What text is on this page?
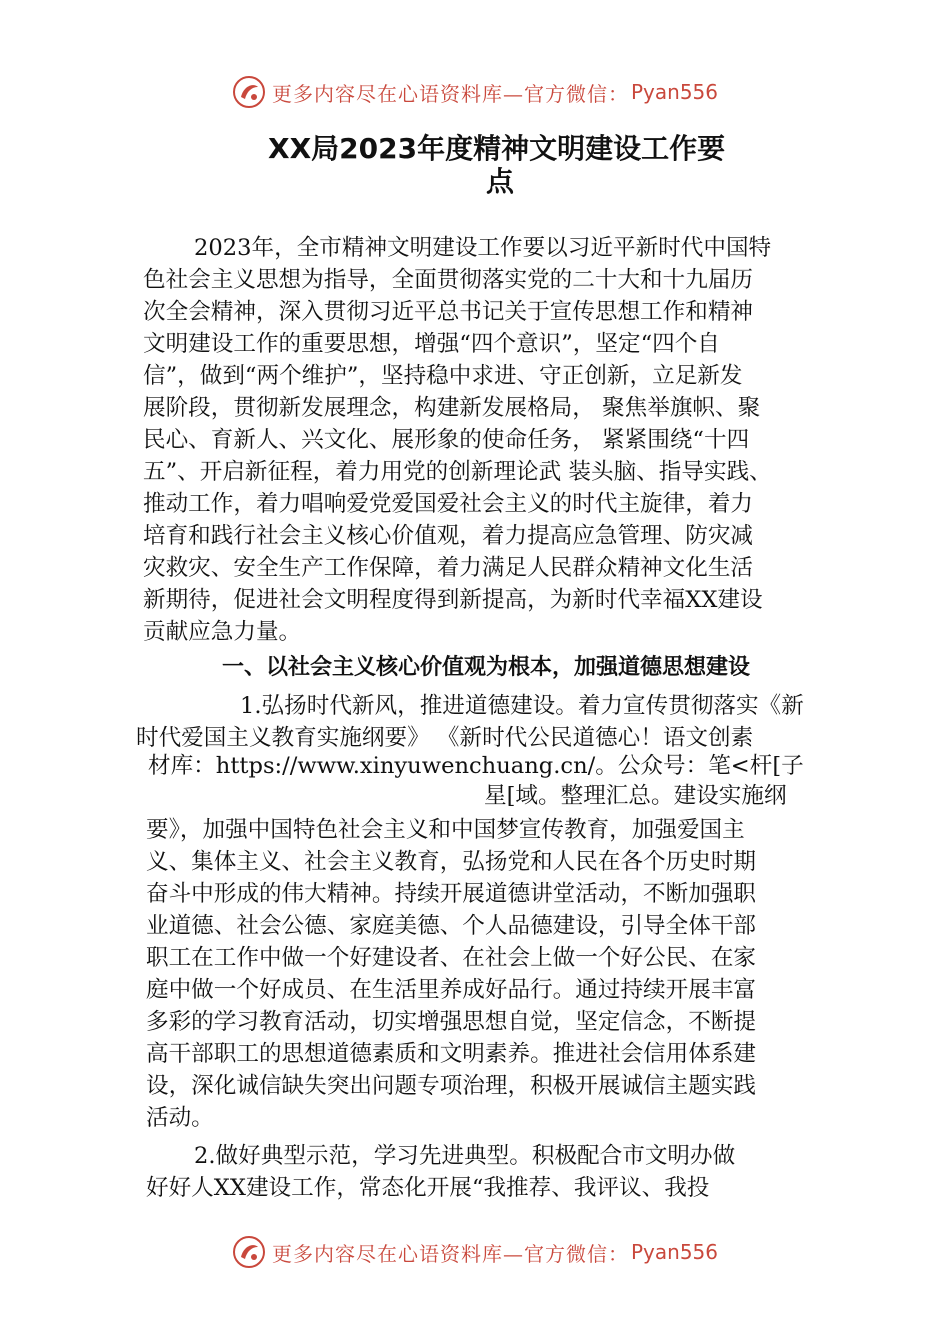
更多内容尽在心语资料库—官方微信： Pyan556
XX局2023年度精神文明建设工作要
点
2023年，全市精神文明建设工作要以习近平新时代中国特
色社会主义思想为指导，全面贯彻落实党的二十大和十九届历
次全会精神，深入贯彻习近平总书记关于宣传思想工作和精神
文明建设工作的重要思想，增强“四个意识”，坚定“四个自
信”，做到“两个维护”，坚持稳中求进、守正创新，立足新发
展阶段，贯彻新发展理念，构建新发展格局， 聚焦举旗帜、聚
民心、育新人、兴文化、展形象的使命任务， 紧紧围绕“十四
五”、开启新征程，着力用党的创新理论武 装头脑、指导实践、
推动工作，着力唱响爱党爱国爱社会主义的时代主旋律，着力
培育和践行社会主义核心价值观，着力提高应急管理、防灾减
灾救灾、安全生产工作保障，着力满足人民群众精神文化生活
新期待，促进社会文明程度得到新提高，为新时代幸福XX建设
贡献应急力量。
一、以社会主义核心价值观为根本，加强道德思想建设
1.弘扬时代新风，推进道德建设。着力宣传贯彻落实《新
时代爱国主义教育实施纲要》 《新时代公民道德心！语文创素
材库：https://www.xinyuwenchuang.cn/。公众号：笔<杆[子
星[域。整理汇总。建设实施纲
要》，加强中国特色社会主义和中国梦宣传教育，加强爱国主
义、集体主义、社会主义教育，弘扬党和人民在各个历史时期
奋斗中形成的伟大精神。持续开展道德讲堂活动，不断加强职
业道德、社会公德、家庭美德、个人品德建设，引导全体干部
职工在工作中做一个好建设者、在社会上做一个好公民、在家
庭中做一个好成员、在生活里养成好品行。通过持续开展丰富
多彩的学习教育活动，切实增强思想自觉，坚定信念，不断提
高干部职工的思想道德素质和文明素养。推进社会信用体系建
设，深化诚信缺失突出问题专项治理，积极开展诚信主题实践
活动。
2.做好典型示范，学习先进典型。积极配合市文明办做
好好人XX建设工作，常态化开展“我推荐、我评议、我投
更多内容尽在心语资料库—官方微信： Pyan556
